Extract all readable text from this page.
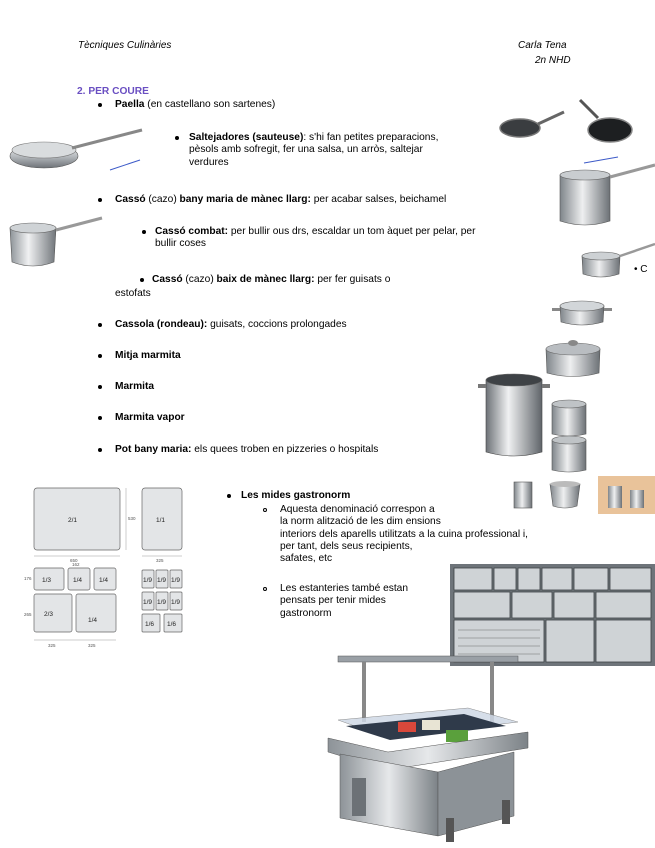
Tècniques Culinàries	Carla Tena
2n NHD
2. PER COURE
Paella (en castellano son sartenes)
Saltejadores (sauteuse): s'hi fan petites preparacions,
pèsols amb sofregit, fer una salsa, un arròs, saltejar
verdures
Cassó (cazo) bany maria de mànec llarg: per acabar salses, beichamel
Cassó combat: per bullir ous drs, escaldar un tom àquet per pelar, per
bullir coses
Cassó (cazo) baix de mànec llarg: per fer guisats o
estofats
Cassola (rondeau): guisats, coccions prolongades
Mitja marmita
Marmita
Marmita vapor
Pot bany maria: els quees troben en pizzeries o hospitals
Les mides gastronorm
Aquesta denominació correspon a
la norm alització de les dim ensions
interiors dels aparells utilitzats a la cuina professional i,
per tant, dels seus recipients,
safates, etc
Les estanteries també estan
pensats per tenir mides
gastronorm
• C
2/1	1/1
1/3	1/4	1/4
2/3
1/4
1/9 1/9 1/9
1/9 1/9 1/9
1/6 1/6
650	325
530
325	325
176
265
162
